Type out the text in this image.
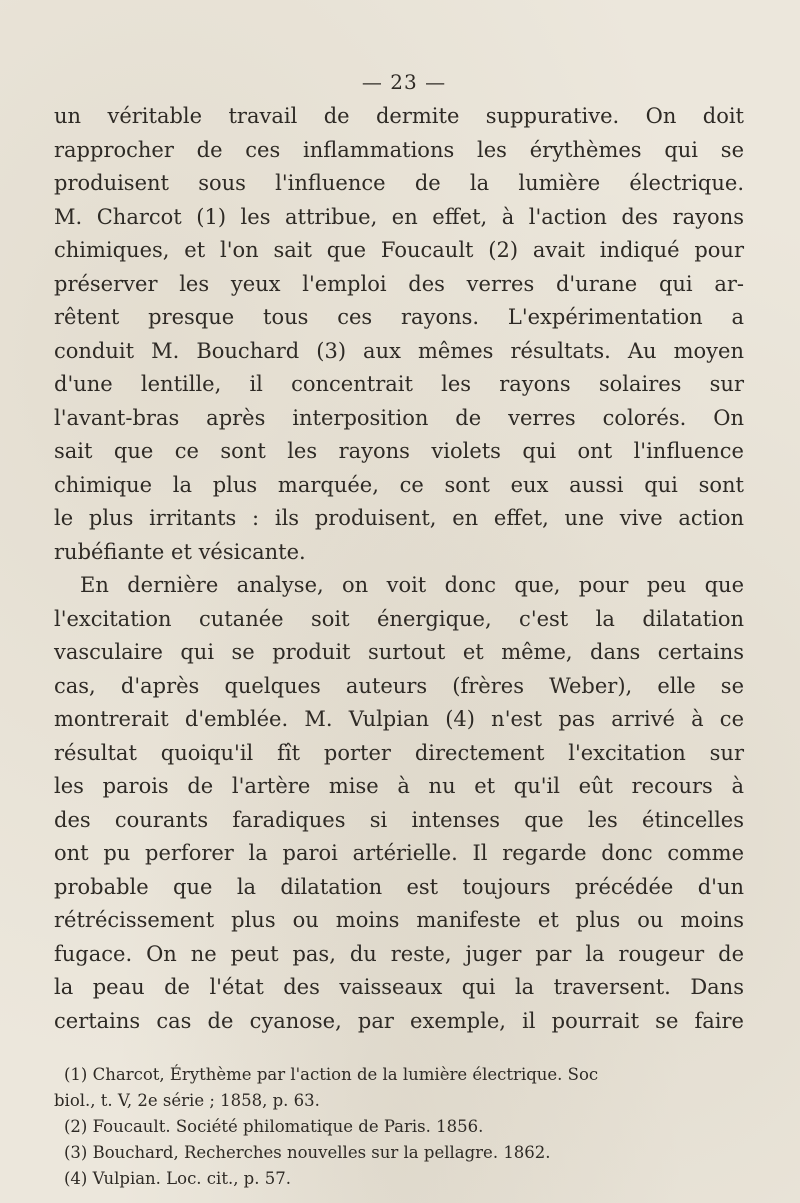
— 23 —
un véritable travail de dermite suppurative. On doit
rapprocher de ces inflammations les érythèmes qui se
produisent sous l'influence de la lumière électrique.
M. Charcot (1) les attribue, en effet, à l'action des rayons
chimiques, et l'on sait que Foucault (2) avait indiqué pour
préserver les yeux l'emploi des verres d'urane qui ar-
rêtent presque tous ces rayons. L'expérimentation a
conduit M. Bouchard (3) aux mêmes résultats. Au moyen
d'une lentille, il concentrait les rayons solaires sur
l'avant-bras après interposition de verres colorés. On
sait que ce sont les rayons violets qui ont l'influence
chimique la plus marquée, ce sont eux aussi qui sont
le plus irritants : ils produisent, en effet, une vive action
rubéfiante et vésicante.
En dernière analyse, on voit donc que, pour peu que
l'excitation cutanée soit énergique, c'est la dilatation
vasculaire qui se produit surtout et même, dans certains
cas, d'après quelques auteurs (frères Weber), elle se
montrerait d'emblée. M. Vulpian (4) n'est pas arrivé à ce
résultat quoiqu'il fît porter directement l'excitation sur
les parois de l'artère mise à nu et qu'il eût recours à
des courants faradiques si intenses que les étincelles
ont pu perforer la paroi artérielle. Il regarde donc comme
probable que la dilatation est toujours précédée d'un
rétrécissement plus ou moins manifeste et plus ou moins
fugace. On ne peut pas, du reste, juger par la rougeur de
la peau de l'état des vaisseaux qui la traversent. Dans
certains cas de cyanose, par exemple, il pourrait se faire
(1) Charcot, Érythème par l'action de la lumière électrique. Soc
biol., t. V, 2e série ; 1858, p. 63.
(2) Foucault. Société philomatique de Paris. 1856.
(3) Bouchard, Recherches nouvelles sur la pellagre. 1862.
(4) Vulpian. Loc. cit., p. 57.
